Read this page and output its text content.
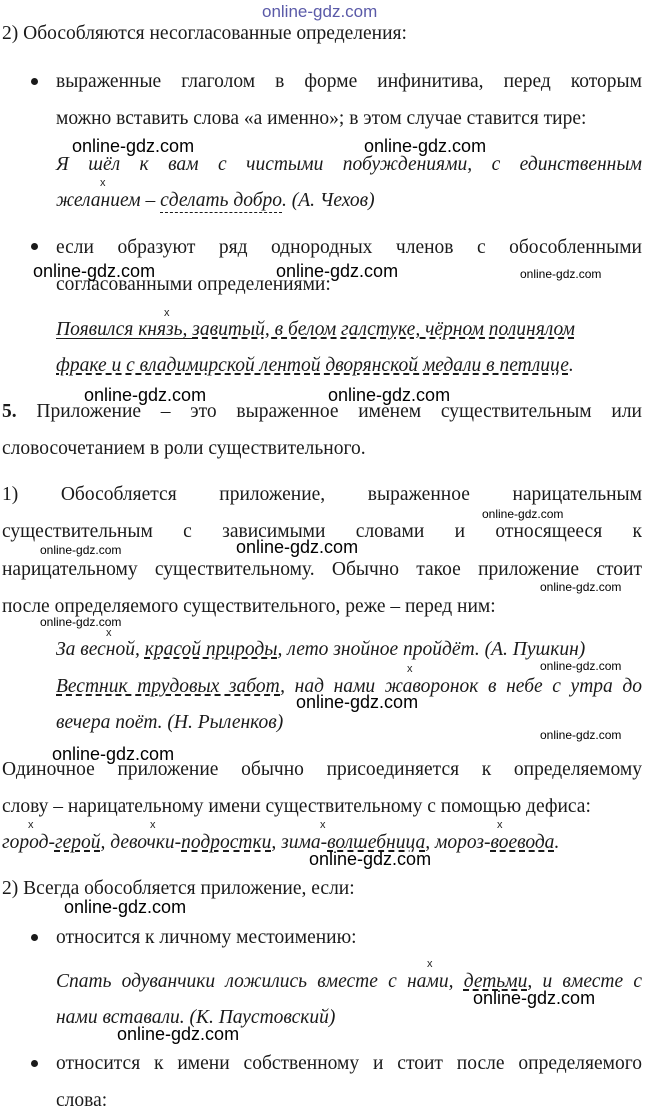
online-gdz.com
2) Обособляются несогласованные определения:
выраженные глаголом в форме инфинитива, перед которым
можно вставить слова «а именно»; в этом случае ставится тире:
Я шёл к вам с чистыми побуждениями, с единственным
x
желанием – сделать добро. (А. Чехов)
если образуют ряд однородных членов с обособленными
согласованными определениями:
x
Появился князь, завитый, в белом галстуке, чёрном полинялом
фраке и с владимирской лентой дворянской медали в петлице.
5. Приложение – это выраженное именем существительным или
словосочетанием в роли существительного.
1) Обособляется приложение, выраженное нарицательным
существительным с зависимыми словами и относящееся к
нарицательному существительному. Обычно такое приложение стоит
после определяемого существительного, реже – перед ним:
x
За весной, красой природы, лето знойное пройдёт. (А. Пушкин)
x
Вестник трудовых забот, над нами жаворонок в небе с утра до
вечера поёт. (Н. Рыленков)
Одиночное приложение обычно присоединяется к определяемому
слову – нарицательному имени существительному с помощью дефиса:
x	x	x	x
город-герой, девочки-подростки, зима-волшебница, мороз-воевода.
2) Всегда обособляется приложение, если:
относится к личному местоимению:
x
Спать одуванчики ложились вместе с нами, детьми, и вместе с
нами вставали. (К. Паустовский)
относится к имени собственному и стоит после определяемого
слова:
online-gdz.com	online-gdz.com
online-gdz.com	online-gdz.com	online-gdz.com
online-gdz.com	online-gdz.com
online-gdz.com
online-gdz.com	online-gdz.com
online-gdz.com
online-gdz.com
online-gdz.com
online-gdz.com
online-gdz.com
online-gdz.com
online-gdz.com
online-gdz.com
online-gdz.com
online-gdz.com
